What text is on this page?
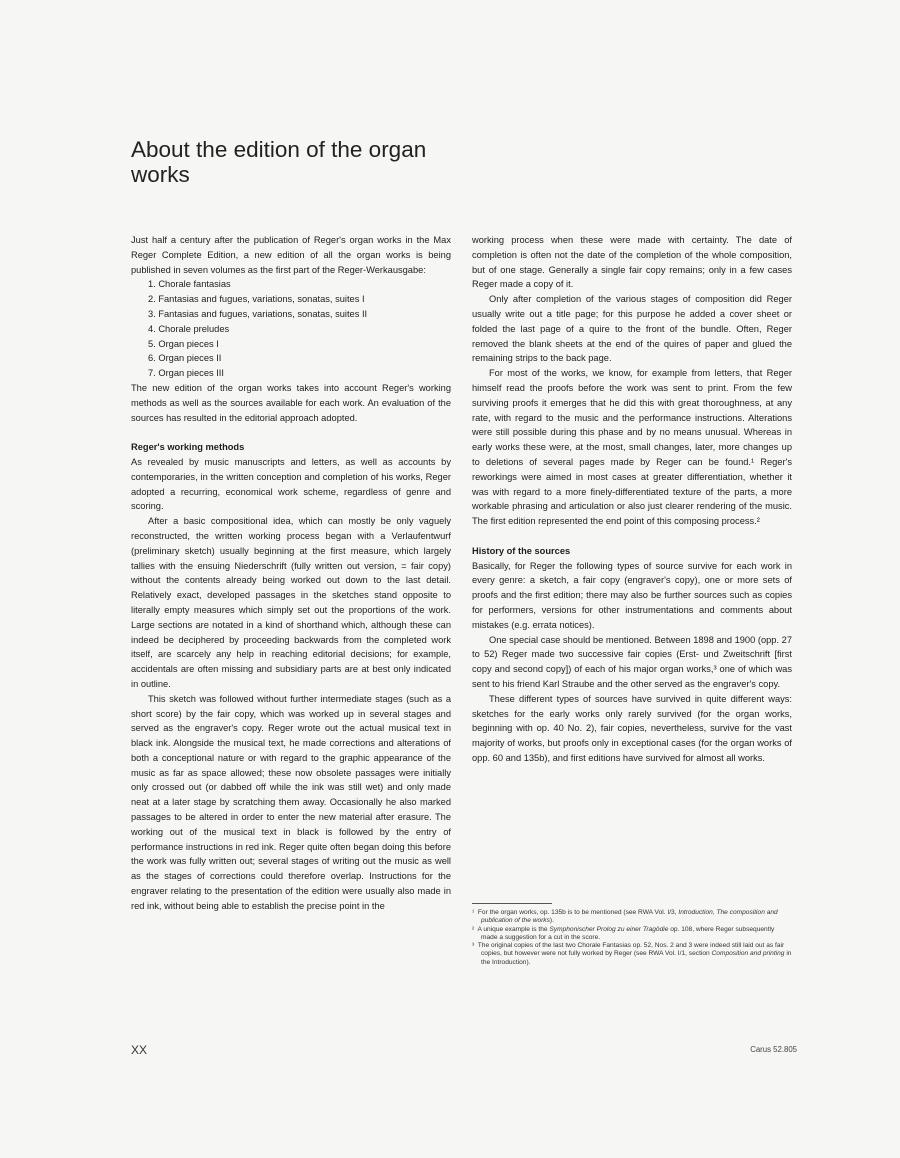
About the edition of the organ works

Just half a century after the publication of Reger's organ works in the Max Reger Complete Edition, a new edition of all the organ works is being published in seven volumes as the first part of the Reger-Werkausgabe:

1. Chorale fantasias
2. Fantasias and fugues, variations, sonatas, suites I
3. Fantasias and fugues, variations, sonatas, suites II
4. Chorale preludes
5. Organ pieces I
6. Organ pieces II
7. Organ pieces III

The new edition of the organ works takes into account Reger's working methods as well as the sources available for each work. An evaluation of the sources has resulted in the editorial approach adopted.

Reger's working methods

As revealed by music manuscripts and letters, as well as accounts by contemporaries, in the written conception and completion of his works, Reger adopted a recurring, economical work scheme, regardless of genre and scoring.

After a basic compositional idea, which can mostly be only vaguely reconstructed, the written working process began with a Verlaufentwurf (preliminary sketch) usually beginning at the first measure, which largely tallies with the ensuing Niederschrift (fully written out version, = fair copy) without the contents already being worked out down to the last detail. Relatively exact, developed passages in the sketches stand opposite to literally empty measures which simply set out the proportions of the work. Large sections are notated in a kind of shorthand which, although these can indeed be deciphered by proceeding backwards from the completed work itself, are scarcely any help in reaching editorial decisions; for example, accidentals are often missing and subsidiary parts are at best only indicated in outline.

This sketch was followed without further intermediate stages (such as a short score) by the fair copy, which was worked up in several stages and served as the engraver's copy. Reger wrote out the actual musical text in black ink. Alongside the musical text, he made corrections and alterations of both a conceptional nature or with regard to the graphic appearance of the music as far as space allowed; these now obsolete passages were initially only crossed out (or dabbed off while the ink was still wet) and only made neat at a later stage by scratching them away. Occasionally he also marked passages to be altered in order to enter the new material after erasure. The working out of the musical text in black is followed by the entry of performance instructions in red ink. Reger quite often began doing this before the work was fully written out; several stages of writing out the music as well as the stages of corrections could therefore overlap. Instructions for the engraver relating to the presentation of the edition were usually also made in red ink, without being able to establish the precise point in the

working process when these were made with certainty. The date of completion is often not the date of the completion of the whole composition, but of one stage. Generally a single fair copy remains; only in a few cases Reger made a copy of it.

Only after completion of the various stages of composition did Reger usually write out a title page; for this purpose he added a cover sheet or folded the last page of a quire to the front of the bundle. Often, Reger removed the blank sheets at the end of the quires of paper and glued the remaining strips to the back page.

For most of the works, we know, for example from letters, that Reger himself read the proofs before the work was sent to print. From the few surviving proofs it emerges that he did this with great thoroughness, at any rate, with regard to the music and the performance instructions. Alterations were still possible during this phase and by no means unusual. Whereas in early works these were, at the most, small changes, later, more changes up to deletions of several pages made by Reger can be found.¹ Reger's reworkings were aimed in most cases at greater differentiation, whether it was with regard to a more finely-differentiated texture of the parts, a more workable phrasing and articulation or also just clearer rendering of the music. The first edition represented the end point of this composing process.²

History of the sources

Basically, for Reger the following types of source survive for each work in every genre: a sketch, a fair copy (engraver's copy), one or more sets of proofs and the first edition; there may also be further sources such as copies for performers, versions for other instrumentations and comments about mistakes (e.g. errata notices).

One special case should be mentioned. Between 1898 and 1900 (opp. 27 to 52) Reger made two successive fair copies (Erst- und Zweitschrift [first copy and second copy]) of each of his major organ works,³ one of which was sent to his friend Karl Straube and the other served as the engraver's copy.

These different types of sources have survived in quite different ways: sketches for the early works only rarely survived (for the organ works, beginning with op. 40 No. 2), fair copies, nevertheless, survive for the vast majority of works, but proofs only in exceptional cases (for the organ works of opp. 60 and 135b), and first editions have survived for almost all works.

¹ For the organ works, op. 135b is to be mentioned (see RWA Vol. I/3, Introduction, The composition and publication of the works).

² A unique example is the Symphonischer Prolog zu einer Tragödie op. 108, where Reger subsequently made a suggestion for a cut in the score.

³ The original copies of the last two Chorale Fantasias op. 52, Nos. 2 and 3 were indeed still laid out as fair copies, but however were not fully worked by Reger (see RWA Vol. I/1, section Composition and printing in the Introduction).

XX	Carus 52.805
